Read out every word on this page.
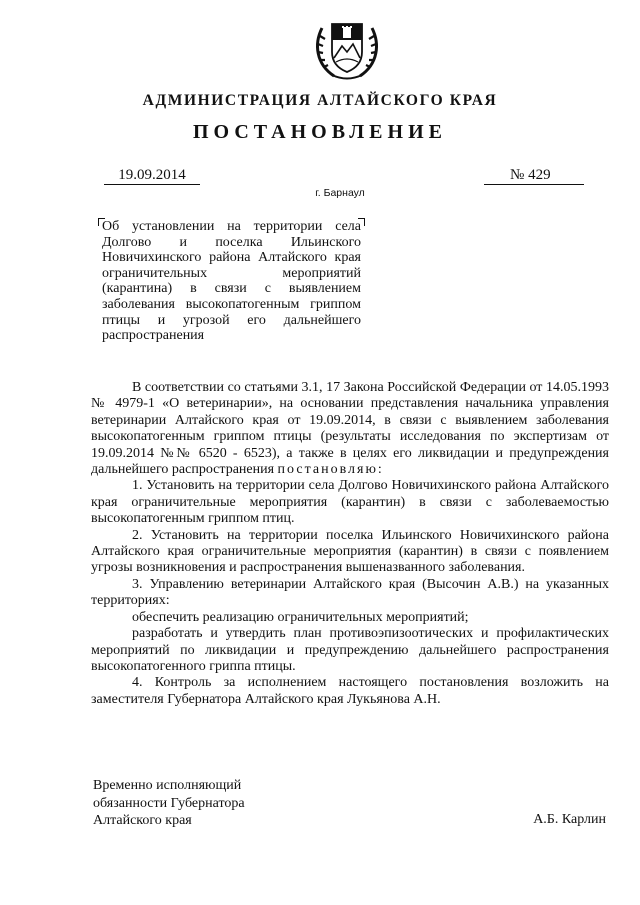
АДМИНИСТРАЦИЯ АЛТАЙСКОГО КРАЯ
ПОСТАНОВЛЕНИЕ
19.09.2014	№ 429
г. Барнаул

Об установлении на территории села Долгово и поселка Ильинского Новичихинского района Алтайского края ограничительных мероприятий (карантина) в связи с выявлением заболевания высокопатогенным гриппом птицы и угрозой его дальнейшего распространения

В соответствии со статьями 3.1, 17 Закона Российской Федерации от 14.05.1993 № 4979-1 «О ветеринарии», на основании представления начальника управления ветеринарии Алтайского края от 19.09.2014, в связи с выявлением заболевания высокопатогенным гриппом птицы (результаты исследования по экспертизам от 19.09.2014 №№ 6520 - 6523), а также в целях его ликвидации и предупреждения дальнейшего распространения постановляю:

1. Установить на территории села Долгово Новичихинского района Алтайского края ограничительные мероприятия (карантин) в связи с заболеваемостью высокопатогенным гриппом птиц.

2. Установить на территории поселка Ильинского Новичихинского района Алтайского края ограничительные мероприятия (карантин) в связи с появлением угрозы возникновения и распространения вышеназванного заболевания.

3. Управлению ветеринарии Алтайского края (Высочин А.В.) на указанных территориях:

обеспечить реализацию ограничительных мероприятий;

разработать и утвердить план противоэпизоотических и профилактических мероприятий по ликвидации и предупреждению дальнейшего распространения высокопатогенного гриппа птицы.

4. Контроль за исполнением настоящего постановления возложить на заместителя Губернатора Алтайского края Лукьянова А.Н.

Временно исполняющий
обязанности Губернатора
Алтайского края	А.Б. Карлин
